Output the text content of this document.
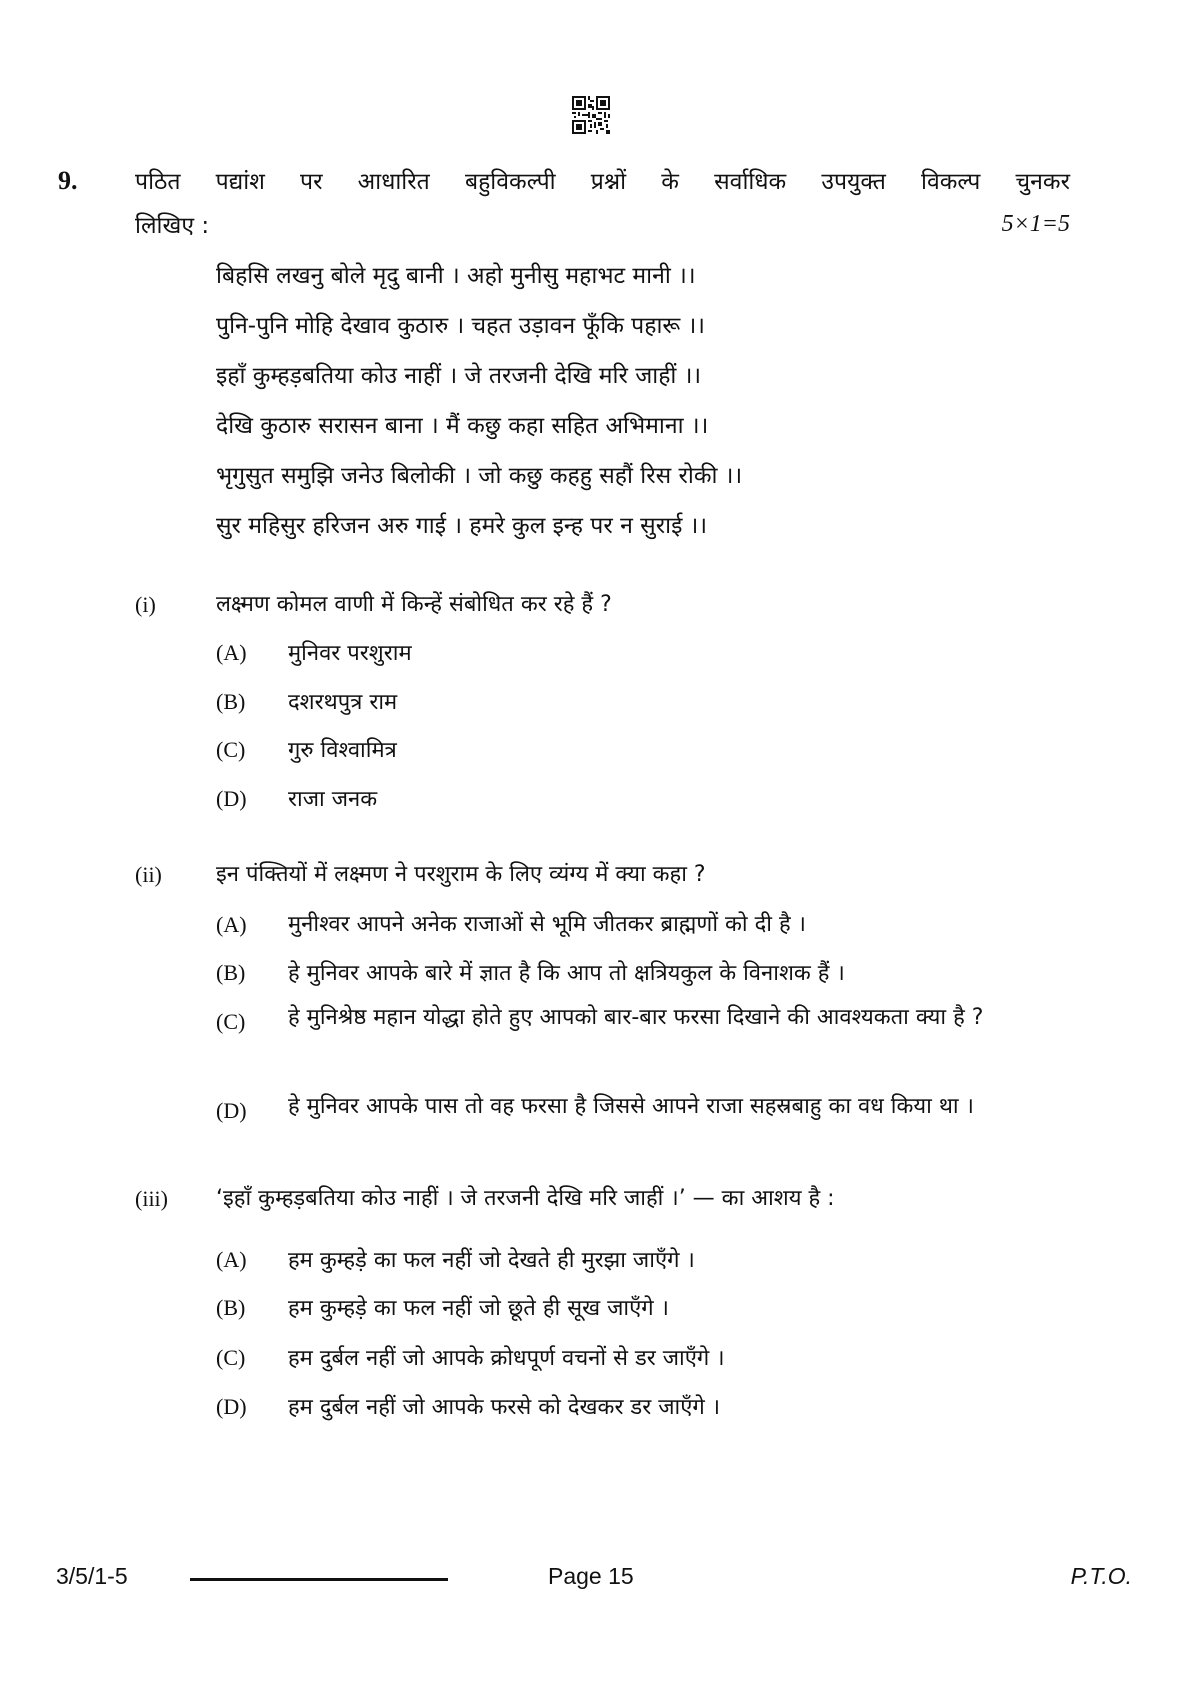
9.	पठित पद्यांश पर आधारित बहुविकल्पी प्रश्नों के सर्वाधिक उपयुक्त विकल्प चुनकर
लिखिए :	5×1=5
बिहसि लखनु बोले मृदु बानी । अहो मुनीसु महाभट मानी ।।
पुनि-पुनि मोहि देखाव कुठारु । चहत उड़ावन फूँकि पहारू ।।
इहाँ कुम्हड़बतिया कोउ नाहीं । जे तरजनी देखि मरि जाहीं ।।
देखि कुठारु सरासन बाना । मैं कछु कहा सहित अभिमाना ।।
भृगुसुत समुझि जनेउ बिलोकी । जो कछु कहहु सहौं रिस रोकी ।।
सुर महिसुर हरिजन अरु गाई । हमरे कुल इन्ह पर न सुराई ।।
(i)	लक्ष्मण कोमल वाणी में किन्हें संबोधित कर रहे हैं ?
(A) मुनिवर परशुराम
(B) दशरथपुत्र राम
(C) गुरु विश्वामित्र
(D) राजा जनक
(ii) इन पंक्तियों में लक्ष्मण ने परशुराम के लिए व्यंग्य में क्या कहा ?
(A) मुनीश्वर आपने अनेक राजाओं से भूमि जीतकर ब्राह्मणों को दी है ।
(B) हे मुनिवर आपके बारे में ज्ञात है कि आप तो क्षत्रियकुल के विनाशक हैं ।
(C) हे मुनिश्रेष्ठ महान योद्धा होते हुए आपको बार-बार फरसा दिखाने की आवश्यकता क्या है ?
(D) हे मुनिवर आपके पास तो वह फरसा है जिससे आपने राजा सहस्रबाहु का वध किया था ।
(iii) ‘इहाँ कुम्हड़बतिया कोउ नाहीं । जे तरजनी देखि मरि जाहीं ।’ — का आशय है :
(A) हम कुम्हड़े का फल नहीं जो देखते ही मुरझा जाएँगे ।
(B) हम कुम्हड़े का फल नहीं जो छूते ही सूख जाएँगे ।
(C) हम दुर्बल नहीं जो आपके क्रोधपूर्ण वचनों से डर जाएँगे ।
(D) हम दुर्बल नहीं जो आपके फरसे को देखकर डर जाएँगे ।
3/5/1-5	Page 15	P.T.O.
